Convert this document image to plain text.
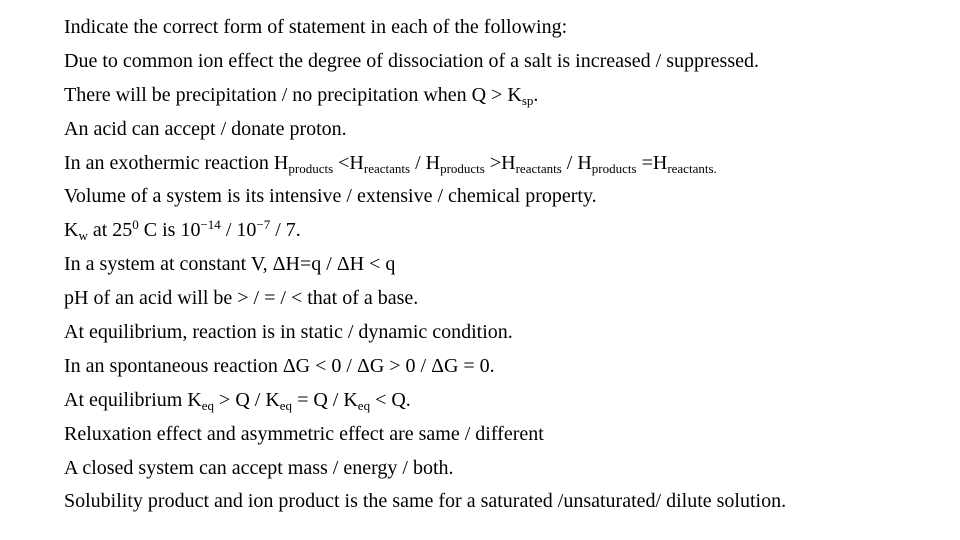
Indicate the correct form of statement in each of the following:
Due to common ion effect the degree of dissociation of a salt is increased / suppressed.
There will be precipitation / no precipitation when $Q > K_{sp}$.
An acid can accept / donate proton.
In an exothermic reaction $H_{products} <H_{reactants} / H_{products} >H_{reactants} / H_{products} =H_{reactants.}$
Volume of a system is its intensive / extensive / chemical property.
$K_w$ at $25^0$ C is $10^{-14} / 10^{-7} / 7$.
In a system at constant V, ΔH=q / ΔH < q
pH of an acid will be > / = / < that of a base.
At equilibrium, reaction is in static / dynamic condition.
In an spontaneous reaction ΔG < 0 / ΔG > 0 / ΔG = 0.
At equilibrium $K_{eq} > Q / K_{eq} = Q / K_{eq} < Q$.
Reluxation effect and asymmetric effect are same / different
A closed system can accept mass / energy / both.
Solubility product and ion product is the same for a saturated /unsaturated/ dilute solution.
